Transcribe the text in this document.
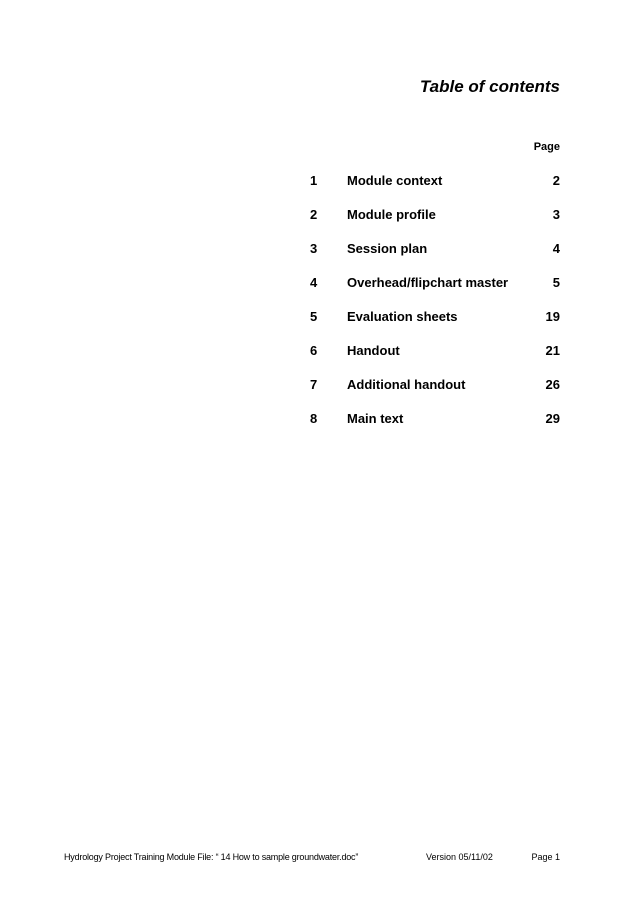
Table of contents
Page
1 Module context	2
2 Module profile	3
3 Session plan	4
4 Overhead/flipchart master	5
5 Evaluation sheets	19
6 Handout	21
7 Additional handout	26
8 Main text	29
Hydrology Project Training Module File: “ 14 How to sample groundwater.doc”	Version 05/11/02	Page 1
